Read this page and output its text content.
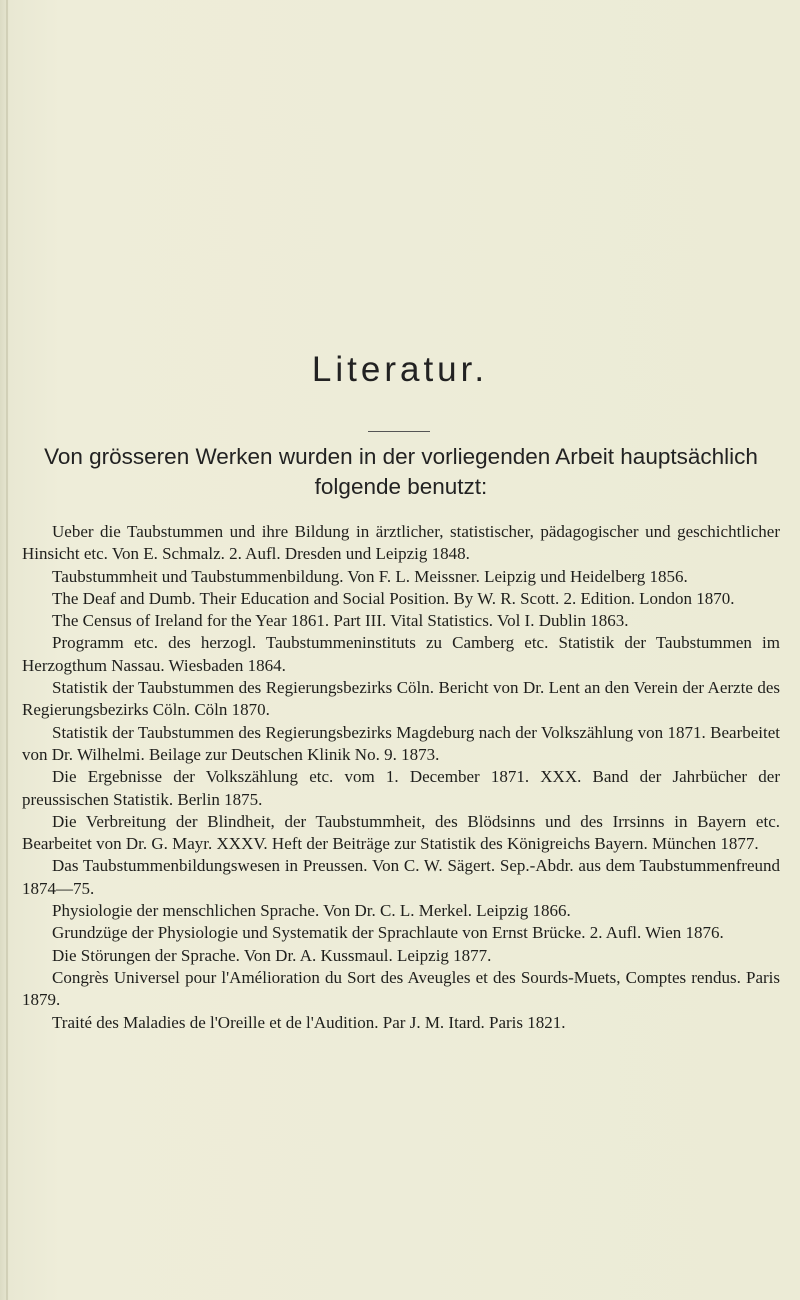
Literatur.
Von grösseren Werken wurden in der vorliegenden Arbeit hauptsächlich
folgende benutzt:

Ueber die Taubstummen und ihre Bildung in ärztlicher, statistischer, pädagogischer und geschichtlicher Hinsicht etc. Von E. Schmalz. 2. Aufl. Dresden und Leipzig 1848.

Taubstummheit und Taubstummenbildung. Von F. L. Meissner. Leipzig und Heidelberg 1856.

The Deaf and Dumb. Their Education and Social Position. By W. R. Scott. 2. Edition. London 1870.

The Census of Ireland for the Year 1861. Part III. Vital Statistics. Vol I. Dublin 1863.

Programm etc. des herzogl. Taubstummeninstituts zu Camberg etc. Statistik der Taubstummen im Herzogthum Nassau. Wiesbaden 1864.

Statistik der Taubstummen des Regierungsbezirks Cöln. Bericht von Dr. Lent an den Verein der Aerzte des Regierungsbezirks Cöln. Cöln 1870.

Statistik der Taubstummen des Regierungsbezirks Magdeburg nach der Volkszählung von 1871. Bearbeitet von Dr. Wilhelmi. Beilage zur Deutschen Klinik No. 9. 1873.

Die Ergebnisse der Volkszählung etc. vom 1. December 1871. XXX. Band der Jahrbücher der preussischen Statistik. Berlin 1875.

Die Verbreitung der Blindheit, der Taubstummheit, des Blödsinns und des Irrsinns in Bayern etc. Bearbeitet von Dr. G. Mayr. XXXV. Heft der Beiträge zur Statistik des Königreichs Bayern. München 1877.

Das Taubstummenbildungswesen in Preussen. Von C. W. Sägert. Sep.-Abdr. aus dem Taubstummenfreund 1874—75.

Physiologie der menschlichen Sprache. Von Dr. C. L. Merkel. Leipzig 1866.

Grundzüge der Physiologie und Systematik der Sprachlaute von Ernst Brücke. 2. Aufl. Wien 1876.

Die Störungen der Sprache. Von Dr. A. Kussmaul. Leipzig 1877.

Congrès Universel pour l'Amélioration du Sort des Aveugles et des Sourds-Muets, Comptes rendus. Paris 1879.

Traité des Maladies de l'Oreille et de l'Audition. Par J. M. Itard. Paris 1821.
